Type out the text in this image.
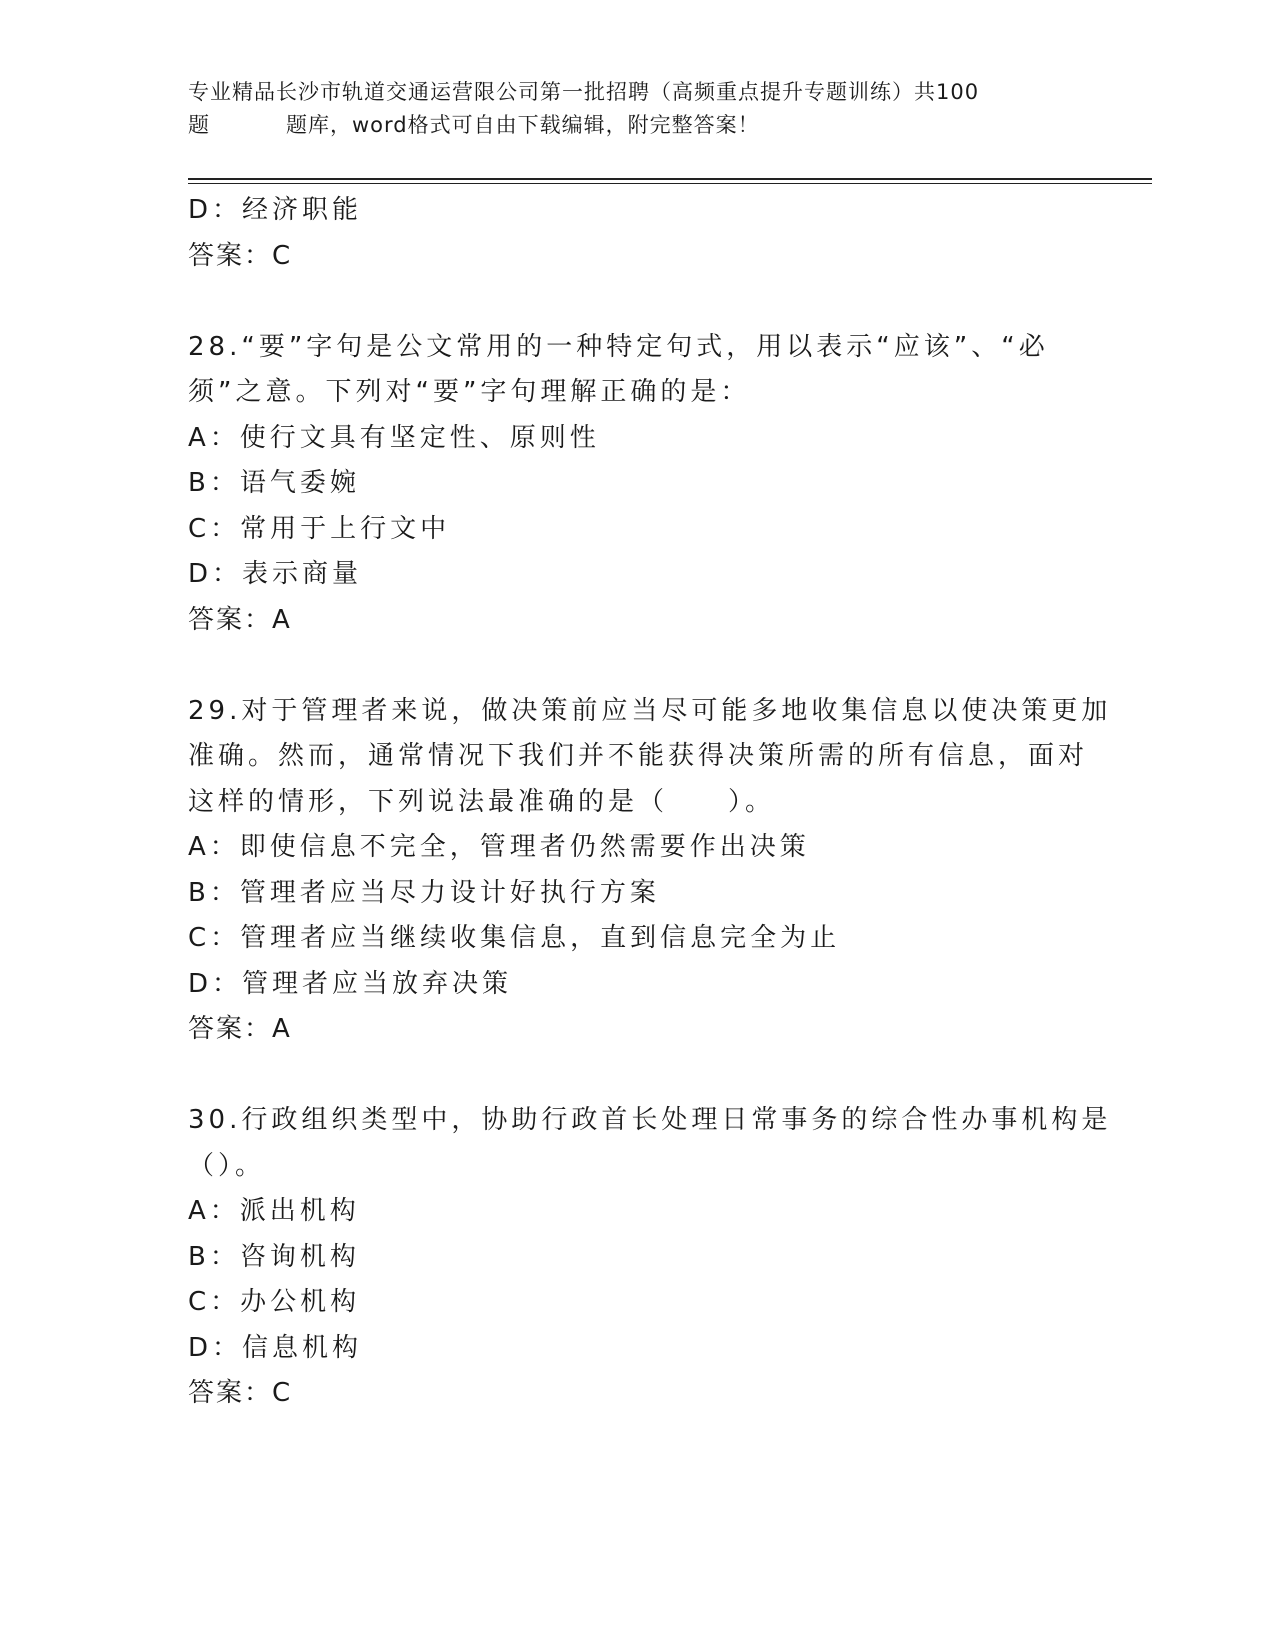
专业精品长沙市轨道交通运营限公司第一批招聘（高频重点提升专题训练）共100
题	题库，word格式可自由下载编辑，附完整答案！
D：经济职能
答案：C
28.“要”字句是公文常用的一种特定句式，用以表示“应该”、“必
须”之意。下列对“要”字句理解正确的是：
A：使行文具有坚定性、原则性
B：语气委婉
C：常用于上行文中
D：表示商量
答案：A
29.对于管理者来说，做决策前应当尽可能多地收集信息以使决策更加
准确。然而，通常情况下我们并不能获得决策所需的所有信息，面对
这样的情形，下列说法最准确的是（　　）。
A：即使信息不完全，管理者仍然需要作出决策
B：管理者应当尽力设计好执行方案
C：管理者应当继续收集信息，直到信息完全为止
D：管理者应当放弃决策
答案：A
30.行政组织类型中，协助行政首长处理日常事务的综合性办事机构是
（）。
A：派出机构
B：咨询机构
C：办公机构
D：信息机构
答案：C
